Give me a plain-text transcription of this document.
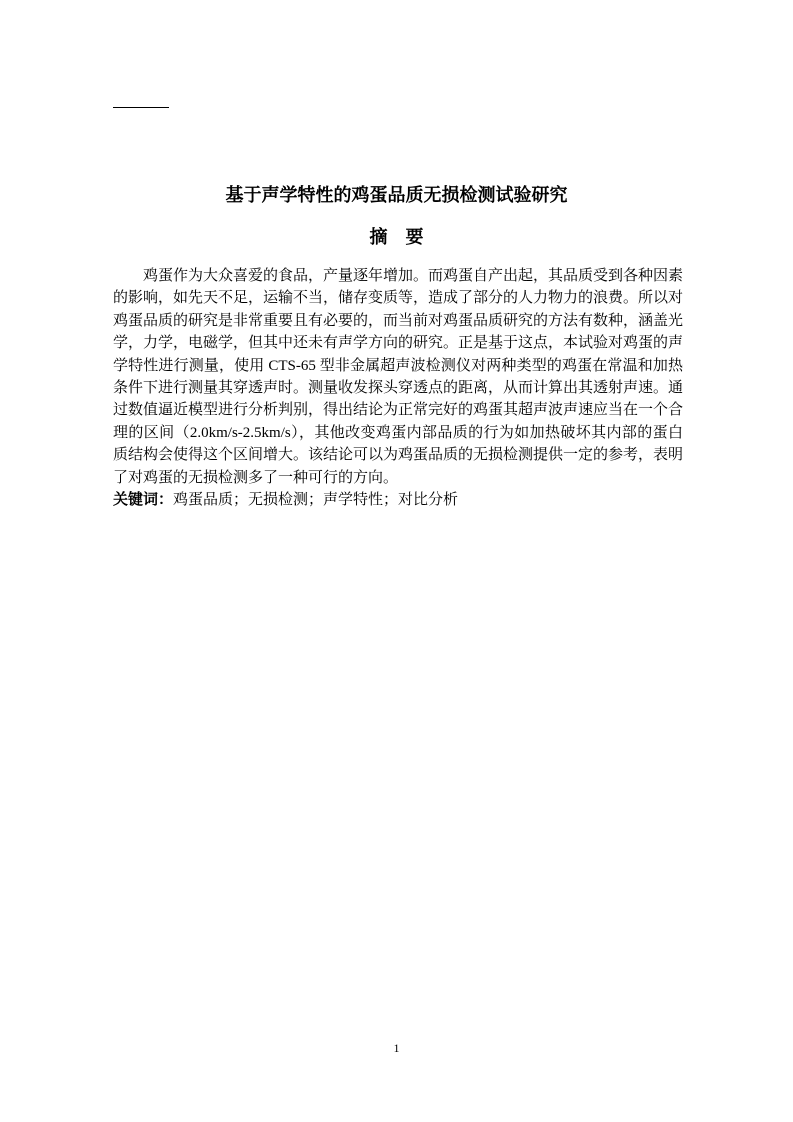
基于声学特性的鸡蛋品质无损检测试验研究
摘　要

鸡蛋作为大众喜爱的食品，产量逐年增加。而鸡蛋自产出起，其品质受到各种因素的影响，如先天不足，运输不当，储存变质等，造成了部分的人力物力的浪费。所以对鸡蛋品质的研究是非常重要且有必要的，而当前对鸡蛋品质研究的方法有数种，涵盖光学，力学，电磁学，但其中还未有声学方向的研究。正是基于这点，本试验对鸡蛋的声学特性进行测量，使用 CTS-65 型非金属超声波检测仪对两种类型的鸡蛋在常温和加热条件下进行测量其穿透声时。测量收发探头穿透点的距离，从而计算出其透射声速。通过数值逼近模型进行分析判别，得出结论为正常完好的鸡蛋其超声波声速应当在一个合理的区间（2.0km/s-2.5km/s），其他改变鸡蛋内部品质的行为如加热破坏其内部的蛋白质结构会使得这个区间增大。该结论可以为鸡蛋品质的无损检测提供一定的参考，表明了对鸡蛋的无损检测多了一种可行的方向。

关键词：鸡蛋品质；无损检测；声学特性；对比分析

1
